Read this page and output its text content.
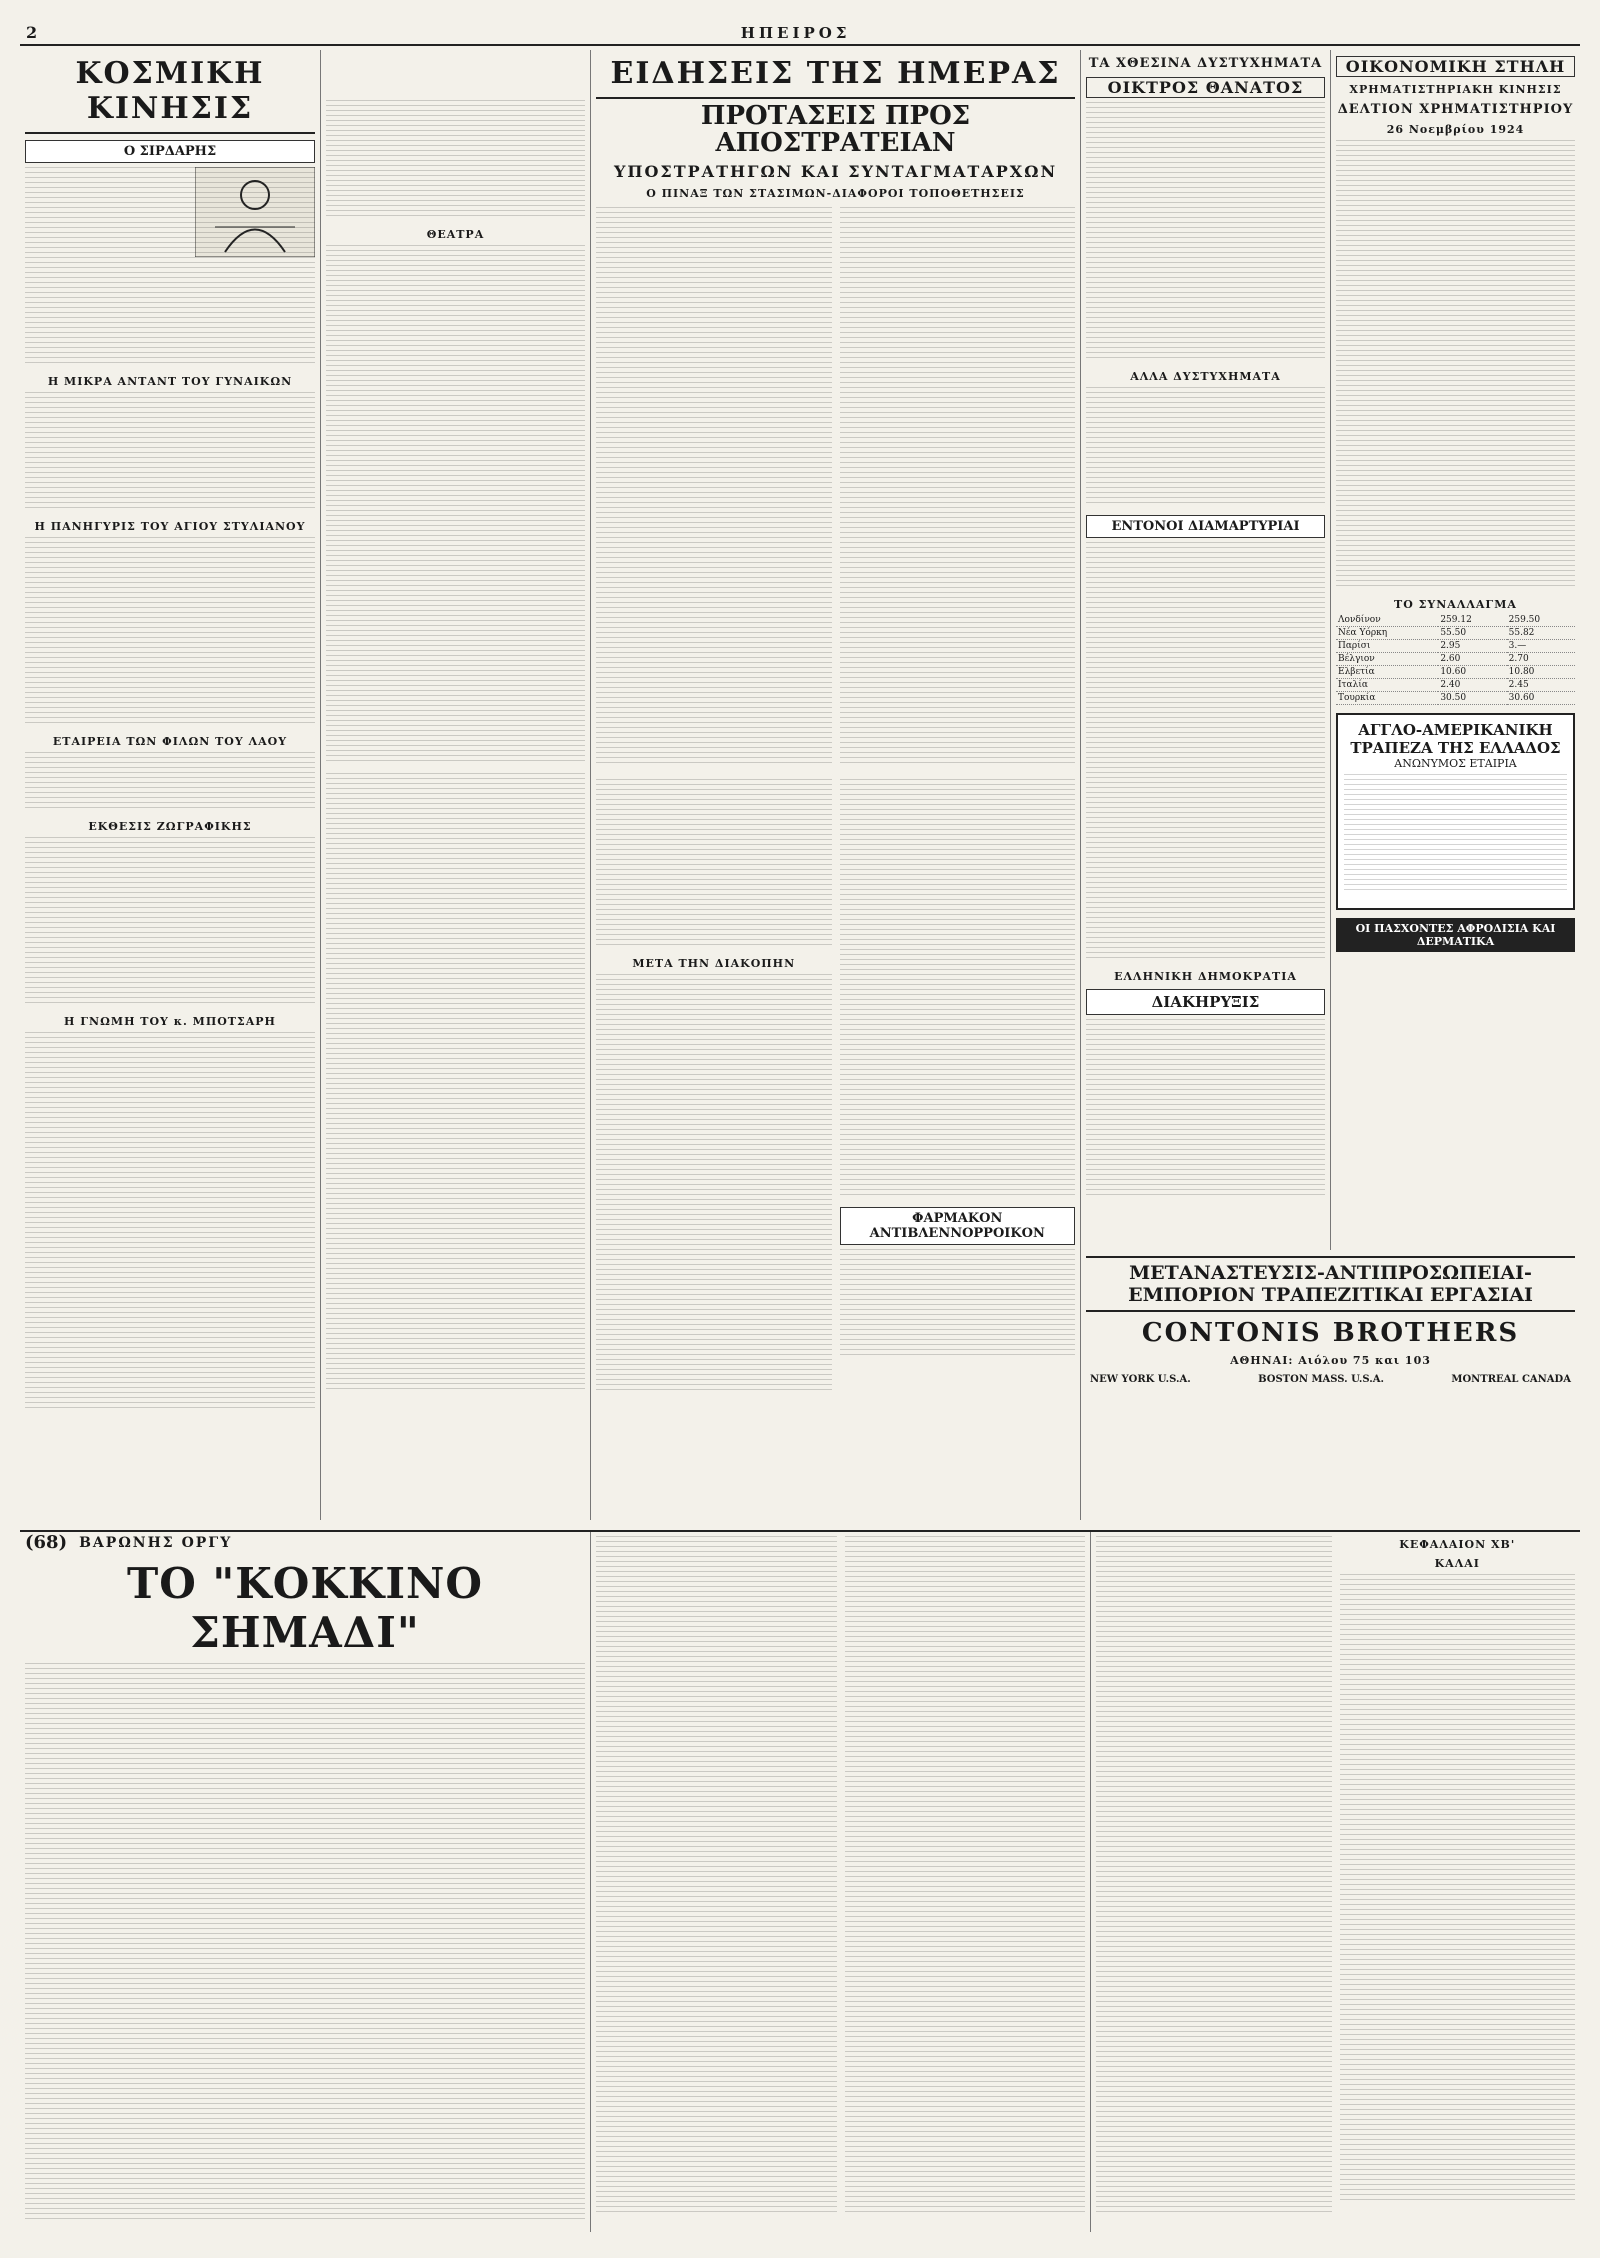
2	ΗΠΕΙΡΟΣ
ΚΟΣΜΙΚΗ ΚΙΝΗΣΙΣ
Ο ΣΙΡΔΑΡΗΣ
Η ΜΙΚΡΑ ΑΝΤΑΝΤ ΤΟΥ ΓΥΝΑΙΚΩΝ
Η ΠΑΝΗΓΥΡΙΣ ΤΟΥ ΑΓΙΟΥ ΣΤΥΛΙΑΝΟΥ
ΕΤΑΙΡΕΙΑ ΤΩΝ ΦΙΛΩΝ ΤΟΥ ΛΑΟΥ
ΕΚΘΕΣΙΣ ΖΩΓΡΑΦΙΚΗΣ
Η ΓΝΩΜΗ ΤΟΥ κ. ΜΠΟΤΣΑΡΗ
ΘΕΑΤΡΑ
ΕΙΔΗΣΕΙΣ ΤΗΣ ΗΜΕΡΑΣ
ΠΡΟΤΑΣΕΙΣ ΠΡΟΣ ΑΠΟΣΤΡΑΤΕΙΑΝ
ΥΠΟΣΤΡΑΤΗΓΩΝ ΚΑΙ ΣΥΝΤΑΓΜΑΤΑΡΧΩΝ
Ο ΠΙΝΑΞ ΤΩΝ ΣΤΑΣΙΜΩΝ-ΔΙΑΦΟΡΟΙ ΤΟΠΟΘΕΤΗΣΕΙΣ
ΜΕΤΑ ΤΗΝ ΔΙΑΚΟΠΗΝ
ΦΑΡΜΑΚΟΝ ΑΝΤΙΒΛΕΝΝΟΡΡΟΙΚΟΝ
ΤΑ ΧΘΕΣΙΝΑ ΔΥΣΤΥΧΗΜΑΤΑ
ΟΙΚΤΡΟΣ ΘΑΝΑΤΟΣ
ΑΛΛΑ ΔΥΣΤΥΧΗΜΑΤΑ
ΕΝΤΟΝΟΙ ΔΙΑΜΑΡΤΥΡΙΑΙ
ΕΛΛΗΝΙΚΗ ΔΗΜΟΚΡΑΤΙΑ
ΔΙΑΚΗΡΥΞΙΣ
ΟΙΚΟΝΟΜΙΚΗ ΣΤΗΛΗ
ΧΡΗΜΑΤΙΣΤΗΡΙΑΚΗ ΚΙΝΗΣΙΣ
ΔΕΛΤΙΟΝ ΧΡΗΜΑΤΙΣΤΗΡΙΟΥ
26 Νοεμβρίου 1924
ΤΟ ΣΥΝΑΛΛΑΓΜΑ
Λονδίνον	259.12	259.50
Νέα Υόρκη	55.50	55.82
Παρίσι	2.95	3.—
Βέλγιον	2.60	2.70
Ελβετία	10.60	10.80
Ιταλία	2.40	2.45
Τουρκία	30.50	30.60
ΑΓΓΛΟ-ΑΜΕΡΙΚΑΝΙΚΗ ΤΡΑΠΕΖΑ ΤΗΣ ΕΛΛΑΔΟΣ
ΑΝΩΝΥΜΟΣ ΕΤΑΙΡΙΑ
ΟΙ ΠΑΣΧΟΝΤΕΣ ΑΦΡΟΔΙΣΙΑ ΚΑΙ ΔΕΡΜΑΤΙΚΑ
ΜΕΤΑΝΑΣΤΕΥΣΙΣ-ΑΝΤΙΠΡΟΣΩΠΕΙΑΙ-ΕΜΠΟΡΙΟΝ ΤΡΑΠΕΖΙΤΙΚΑΙ ΕΡΓΑΣΙΑΙ
CONTONIS BROTHERS
ΑΘΗΝΑΙ: Αιόλου 75 και 103
NEW YORK U.S.A.	BOSTON MASS. U.S.A.	MONTREAL CANADA
(68) ΒΑΡΩΝΗΣ ΟΡΓΥ
ΤΟ "ΚΟΚΚΙΝΟ ΣΗΜΑΔΙ"
ΚΕΦΑΛΑΙΟΝ ΧΒ'
ΚΑΛΑΙ
